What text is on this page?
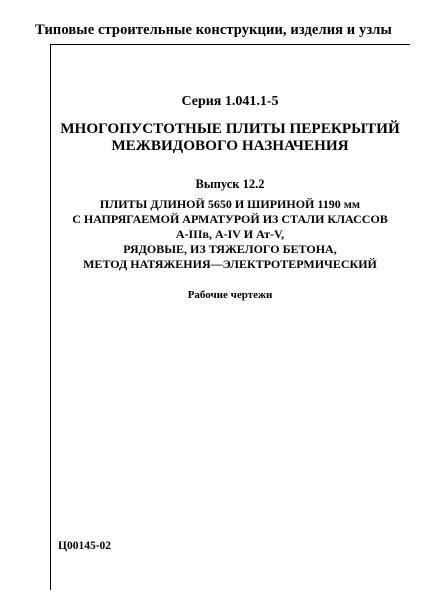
Типовые строительные конструкции, изделия и узлы
Серия 1.041.1-5
МНОГОПУСТОТНЫЕ ПЛИТЫ ПЕРЕКРЫТИЙ
МЕЖВИДОВОГО НАЗНАЧЕНИЯ
Выпуск 12.2
ПЛИТЫ ДЛИНОЙ 5650 И ШИРИНОЙ 1190 мм
С НАПРЯГАЕМОЙ АРМАТУРОЙ ИЗ СТАЛИ КЛАССОВ
А-IIIв, А-IV И Ат-V,
РЯДОВЫЕ, ИЗ ТЯЖЕЛОГО БЕТОНА,
МЕТОД НАТЯЖЕНИЯ—ЭЛЕКТРОТЕРМИЧЕСКИЙ
Рабочие чертежи
Ц00145-02
